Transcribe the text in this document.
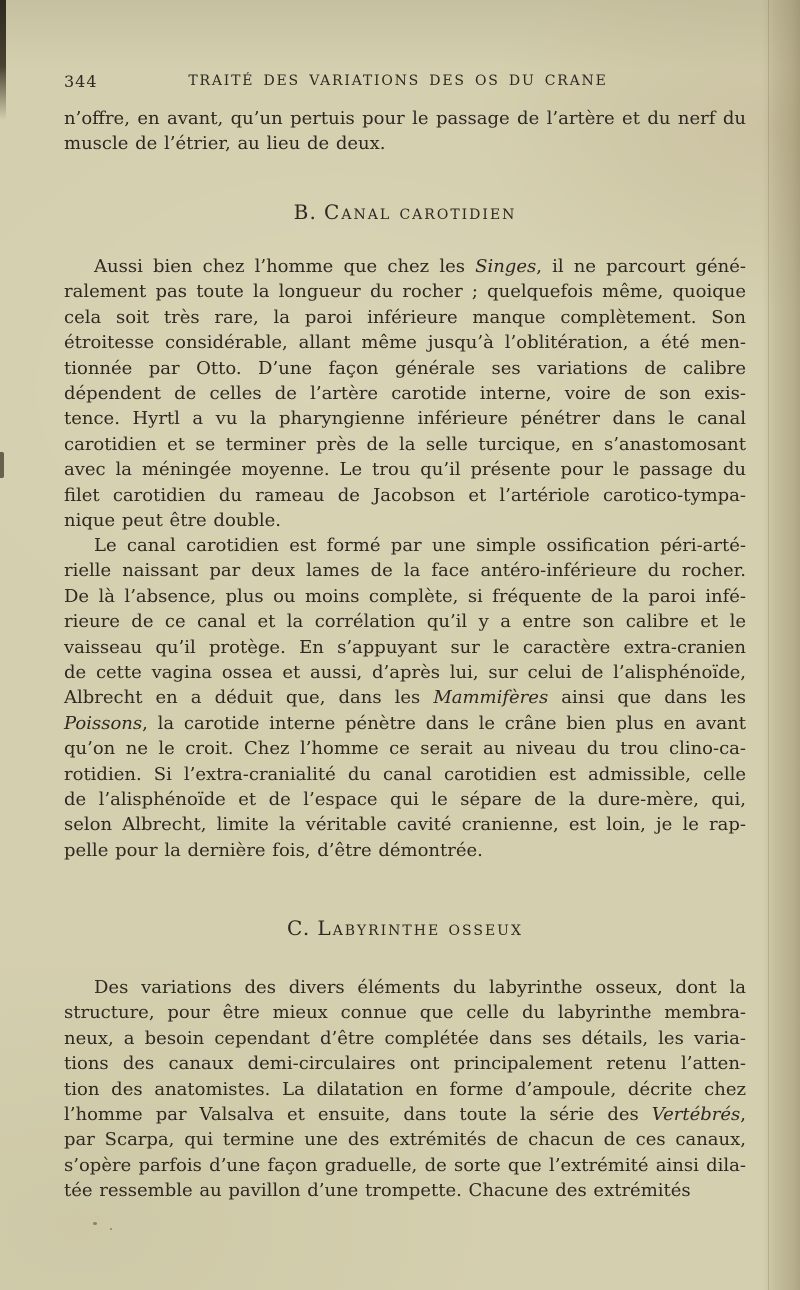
344	TRAITÉ DES VARIATIONS DES OS DU CRANE
n’offre, en avant, qu’un pertuis pour le passage de l’artère et du nerf du
muscle de l’étrier, au lieu de deux.
B. Canal carotidien
Aussi bien chez l’homme que chez les Singes, il ne parcourt géné-
ralement pas toute la longueur du rocher ; quelquefois même, quoique
cela soit très rare, la paroi inférieure manque complètement. Son
étroitesse considérable, allant même jusqu’à l’oblitération, a été men-
tionnée par Otto. D’une façon générale ses variations de calibre
dépendent de celles de l’artère carotide interne, voire de son exis-
tence. Hyrtl a vu la pharyngienne inférieure pénétrer dans le canal
carotidien et se terminer près de la selle turcique, en s’anastomosant
avec la méningée moyenne. Le trou qu’il présente pour le passage du
filet carotidien du rameau de Jacobson et l’artériole carotico-tympa-
nique peut être double.
Le canal carotidien est formé par une simple ossification péri-arté-
rielle naissant par deux lames de la face antéro-inférieure du rocher.
De là l’absence, plus ou moins complète, si fréquente de la paroi infé-
rieure de ce canal et la corrélation qu’il y a entre son calibre et le
vaisseau qu’il protège. En s’appuyant sur le caractère extra-cranien
de cette vagina ossea et aussi, d’après lui, sur celui de l’alisphénoïde,
Albrecht en a déduit que, dans les Mammifères ainsi que dans les
Poissons, la carotide interne pénètre dans le crâne bien plus en avant
qu’on ne le croit. Chez l’homme ce serait au niveau du trou clino-ca-
rotidien. Si l’extra-cranialité du canal carotidien est admissible, celle
de l’alisphénoïde et de l’espace qui le sépare de la dure-mère, qui,
selon Albrecht, limite la véritable cavité cranienne, est loin, je le rap-
pelle pour la dernière fois, d’être démontrée.
C. Labyrinthe osseux
Des variations des divers éléments du labyrinthe osseux, dont la
structure, pour être mieux connue que celle du labyrinthe membra-
neux, a besoin cependant d’être complétée dans ses détails, les varia-
tions des canaux demi-circulaires ont principalement retenu l’atten-
tion des anatomistes. La dilatation en forme d’ampoule, décrite chez
l’homme par Valsalva et ensuite, dans toute la série des Vertébrés,
par Scarpa, qui termine une des extrémités de chacun de ces canaux,
s’opère parfois d’une façon graduelle, de sorte que l’extrémité ainsi dila-
tée ressemble au pavillon d’une trompette. Chacune des extrémités
